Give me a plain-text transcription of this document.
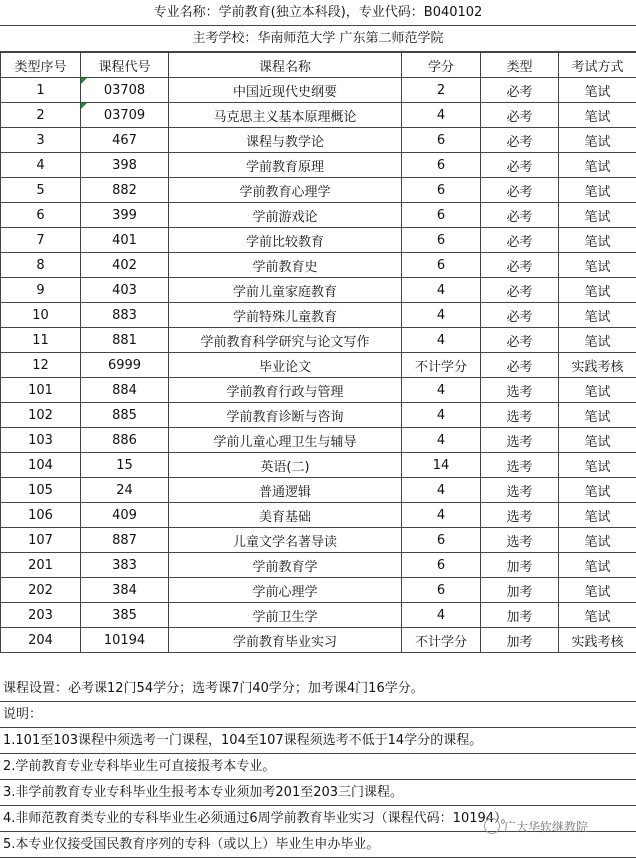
专业名称：学前教育(独立本科段)，专业代码：B040102
主考学校：华南师范大学 广东第二师范学院
类型序号	课程代号	课程名称	学分	类型	考试方式
1	03708	中国近现代史纲要	2	必考	笔试
2	03709	马克思主义基本原理概论	4	必考	笔试
3	467	课程与教学论	6	必考	笔试
4	398	学前教育原理	6	必考	笔试
5	882	学前教育心理学	6	必考	笔试
6	399	学前游戏论	6	必考	笔试
7	401	学前比较教育	6	必考	笔试
8	402	学前教育史	6	必考	笔试
9	403	学前儿童家庭教育	4	必考	笔试
10	883	学前特殊儿童教育	4	必考	笔试
11	881	学前教育科学研究与论文写作	4	必考	笔试
12	6999	毕业论文	不计学分	必考	实践考核
101	884	学前教育行政与管理	4	选考	笔试
102	885	学前教育诊断与咨询	4	选考	笔试
103	886	学前儿童心理卫生与辅导	4	选考	笔试
104	15	英语(二)	14	选考	笔试
105	24	普通逻辑	4	选考	笔试
106	409	美育基础	4	选考	笔试
107	887	儿童文学名著导读	6	选考	笔试
201	383	学前教育学	6	加考	笔试
202	384	学前心理学	6	加考	笔试
203	385	学前卫生学	4	加考	笔试
204	10194	学前教育毕业实习	不计学分	加考	实践考核
课程设置：必考课12门54学分；选考课7门40学分；加考课4门16学分。
说明：
1.101至103课程中须选考一门课程，104至107课程须选考不低于14学分的课程。
2.学前教育专业专科毕业生可直接报考本专业。
3.非学前教育专业专科毕业生报考本专业须加考201至203三门课程。
4.非师范教育类专业的专科毕业生必须通过6周学前教育毕业实习（课程代码：10194）。
5.本专业仅接受国民教育序列的专科（或以上）毕业生申办毕业。
广大华软继教院
